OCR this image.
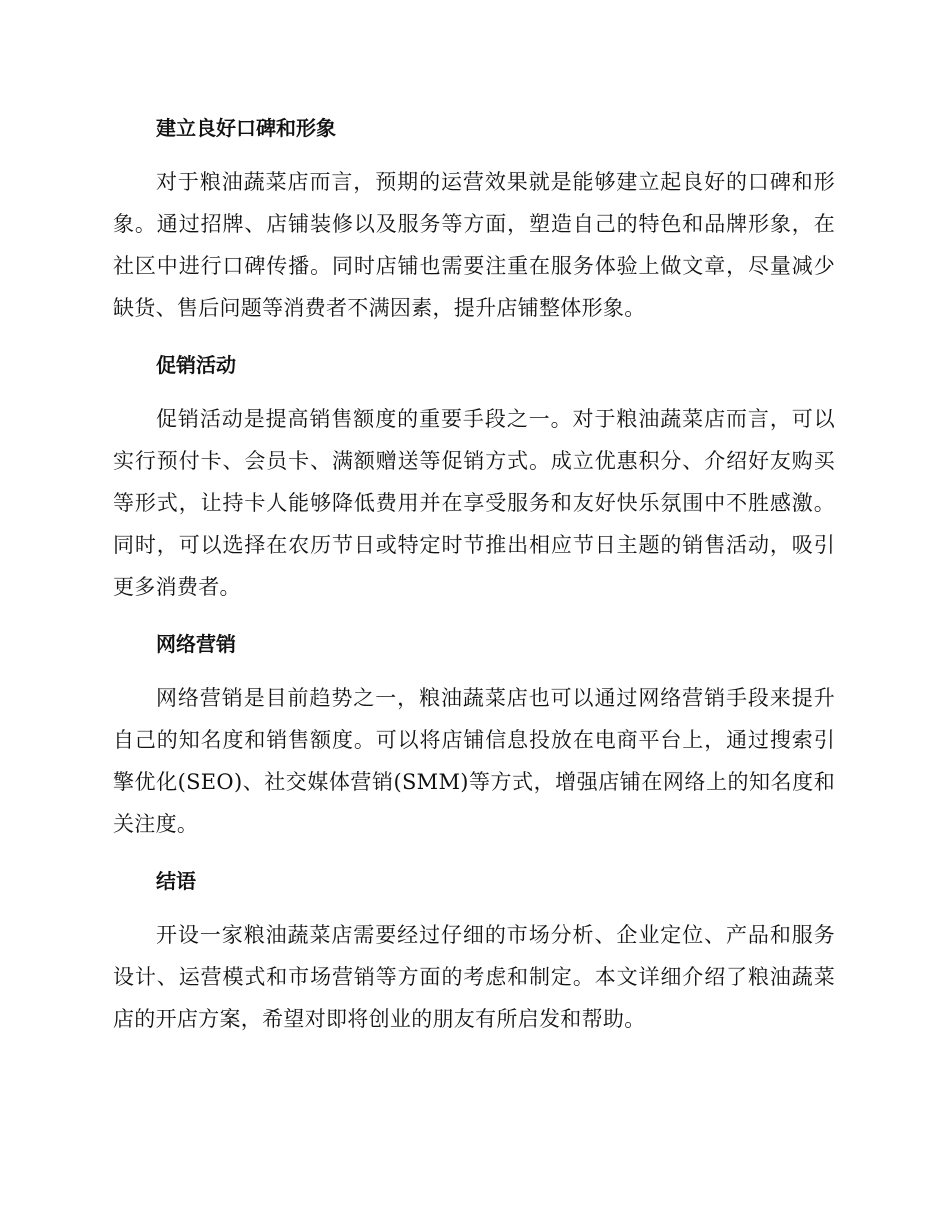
建立良好口碑和形象

对于粮油蔬菜店而言，预期的运营效果就是能够建立起良好的口碑和形象。通过招牌、店铺装修以及服务等方面，塑造自己的特色和品牌形象，在社区中进行口碑传播。同时店铺也需要注重在服务体验上做文章，尽量减少缺货、售后问题等消费者不满因素，提升店铺整体形象。

促销活动

促销活动是提高销售额度的重要手段之一。对于粮油蔬菜店而言，可以实行预付卡、会员卡、满额赠送等促销方式。成立优惠积分、介绍好友购买等形式，让持卡人能够降低费用并在享受服务和友好快乐氛围中不胜感激。同时，可以选择在农历节日或特定时节推出相应节日主题的销售活动，吸引更多消费者。

网络营销

网络营销是目前趋势之一，粮油蔬菜店也可以通过网络营销手段来提升自己的知名度和销售额度。可以将店铺信息投放在电商平台上，通过搜索引擎优化(SEO)、社交媒体营销(SMM)等方式，增强店铺在网络上的知名度和关注度。

结语

开设一家粮油蔬菜店需要经过仔细的市场分析、企业定位、产品和服务设计、运营模式和市场营销等方面的考虑和制定。本文详细介绍了粮油蔬菜店的开店方案，希望对即将创业的朋友有所启发和帮助。
